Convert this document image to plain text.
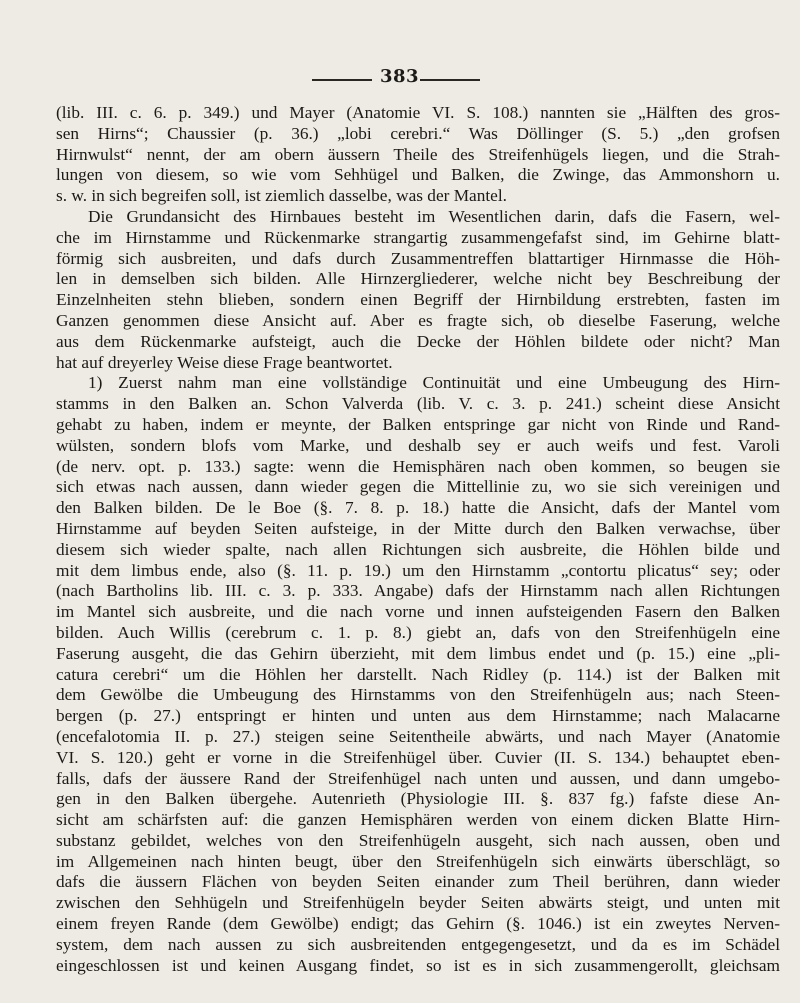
383
(lib. III. c. 6. p. 349.) und Mayer (Anatomie VI. S. 108.) nannten sie „Hälften des gros-
sen Hirns“; Chaussier (p. 36.) „lobi cerebri.“ Was Döllinger (S. 5.) „den grofsen
Hirnwulst“ nennt, der am obern äussern Theile des Streifenhügels liegen, und die Strah-
lungen von diesem, so wie vom Sehhügel und Balken, die Zwinge, das Ammonshorn u.
s. w. in sich begreifen soll, ist ziemlich dasselbe, was der Mantel.
Die Grundansicht des Hirnbaues besteht im Wesentlichen darin, dafs die Fasern, wel-
che im Hirnstamme und Rückenmarke strangartig zusammengefafst sind, im Gehirne blatt-
förmig sich ausbreiten, und dafs durch Zusammentreffen blattartiger Hirnmasse die Höh-
len in demselben sich bilden. Alle Hirnzergliederer, welche nicht bey Beschreibung der
Einzelnheiten stehn blieben, sondern einen Begriff der Hirnbildung erstrebten, fasten im
Ganzen genommen diese Ansicht auf. Aber es fragte sich, ob dieselbe Faserung, welche
aus dem Rückenmarke aufsteigt, auch die Decke der Höhlen bildete oder nicht? Man
hat auf dreyerley Weise diese Frage beantwortet.
1) Zuerst nahm man eine vollständige Continuität und eine Umbeugung des Hirn-
stamms in den Balken an. Schon Valverda (lib. V. c. 3. p. 241.) scheint diese Ansicht
gehabt zu haben, indem er meynte, der Balken entspringe gar nicht von Rinde und Rand-
wülsten, sondern blofs vom Marke, und deshalb sey er auch weifs und fest. Varoli
(de nerv. opt. p. 133.) sagte: wenn die Hemisphären nach oben kommen, so beugen sie
sich etwas nach aussen, dann wieder gegen die Mittellinie zu, wo sie sich vereinigen und
den Balken bilden. De le Boe (§. 7. 8. p. 18.) hatte die Ansicht, dafs der Mantel vom
Hirnstamme auf beyden Seiten aufsteige, in der Mitte durch den Balken verwachse, über
diesem sich wieder spalte, nach allen Richtungen sich ausbreite, die Höhlen bilde und
mit dem limbus ende, also (§. 11. p. 19.) um den Hirnstamm „contortu plicatus“ sey; oder
(nach Bartholins lib. III. c. 3. p. 333. Angabe) dafs der Hirnstamm nach allen Richtungen
im Mantel sich ausbreite, und die nach vorne und innen aufsteigenden Fasern den Balken
bilden. Auch Willis (cerebrum c. 1. p. 8.) giebt an, dafs von den Streifenhügeln eine
Faserung ausgeht, die das Gehirn überzieht, mit dem limbus endet und (p. 15.) eine „pli-
catura cerebri“ um die Höhlen her darstellt. Nach Ridley (p. 114.) ist der Balken mit
dem Gewölbe die Umbeugung des Hirnstamms von den Streifenhügeln aus; nach Steen-
bergen (p. 27.) entspringt er hinten und unten aus dem Hirnstamme; nach Malacarne
(encefalotomia II. p. 27.) steigen seine Seitentheile abwärts, und nach Mayer (Anatomie
VI. S. 120.) geht er vorne in die Streifenhügel über. Cuvier (II. S. 134.) behauptet eben-
falls, dafs der äussere Rand der Streifenhügel nach unten und aussen, und dann umgebo-
gen in den Balken übergehe. Autenrieth (Physiologie III. §. 837 fg.) fafste diese An-
sicht am schärfsten auf: die ganzen Hemisphären werden von einem dicken Blatte Hirn-
substanz gebildet, welches von den Streifenhügeln ausgeht, sich nach aussen, oben und
im Allgemeinen nach hinten beugt, über den Streifenhügeln sich einwärts überschlägt, so
dafs die äussern Flächen von beyden Seiten einander zum Theil berühren, dann wieder
zwischen den Sehhügeln und Streifenhügeln beyder Seiten abwärts steigt, und unten mit
einem freyen Rande (dem Gewölbe) endigt; das Gehirn (§. 1046.) ist ein zweytes Nerven-
system, dem nach aussen zu sich ausbreitenden entgegengesetzt, und da es im Schädel
eingeschlossen ist und keinen Ausgang findet, so ist es in sich zusammengerollt, gleichsam
